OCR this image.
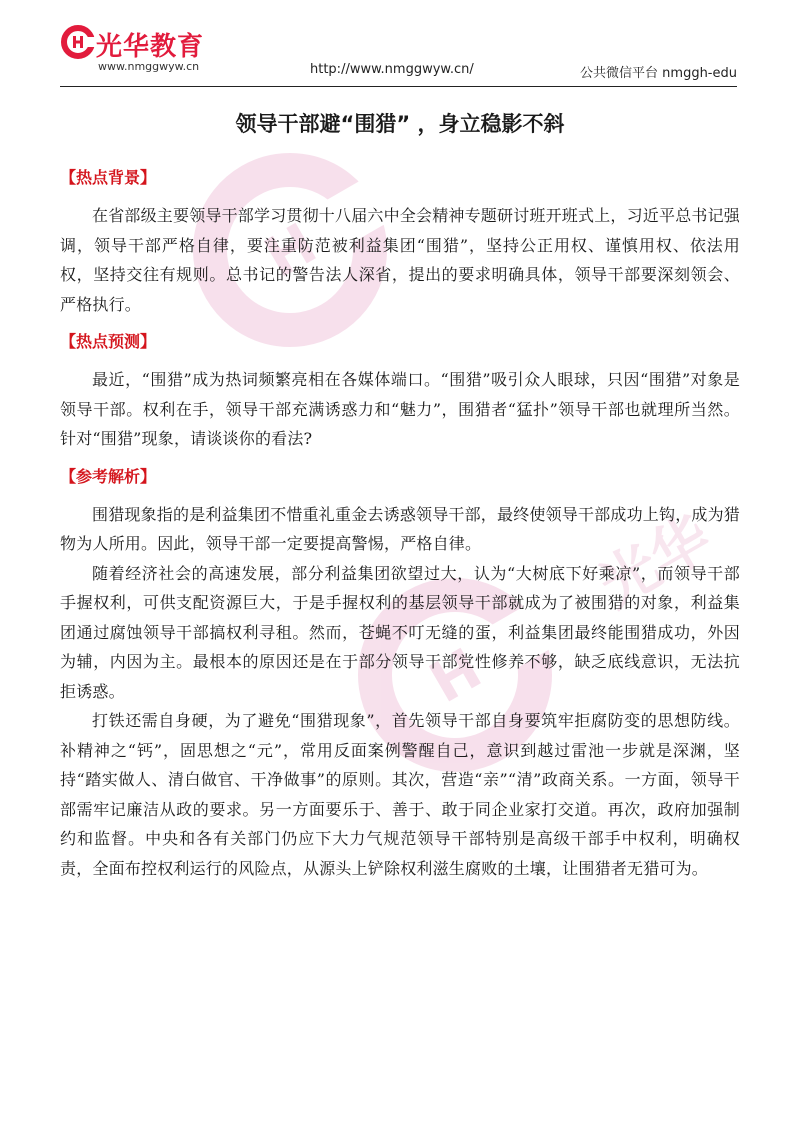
H
H
光华
光华教育
www.nmggwyw.cn	http://www.nmggwyw.cn/	公共微信平台 nmggh-edu
领导干部避“围猎” ，身立稳影不斜
【热点背景】

在省部级主要领导干部学习贯彻十八届六中全会精神专题研讨班开班式上，习近平总书记强调，领导干部严格自律，要注重防范被利益集团“围猎”，坚持公正用权、谨慎用权、依法用权，坚持交往有规则。总书记的警告法人深省，提出的要求明确具体，领导干部要深刻领会、严格执行。

【热点预测】

最近，“围猎”成为热词频繁亮相在各媒体端口。“围猎”吸引众人眼球，只因“围猎”对象是领导干部。权利在手，领导干部充满诱惑力和“魅力”，围猎者“猛扑”领导干部也就理所当然。针对“围猎”现象，请谈谈你的看法?

【参考解析】

围猎现象指的是利益集团不惜重礼重金去诱惑领导干部，最终使领导干部成功上钩，成为猎物为人所用。因此，领导干部一定要提高警惕，严格自律。

随着经济社会的高速发展，部分利益集团欲望过大，认为“大树底下好乘凉”，而领导干部手握权利，可供支配资源巨大，于是手握权利的基层领导干部就成为了被围猎的对象，利益集团通过腐蚀领导干部搞权利寻租。然而，苍蝇不叮无缝的蛋，利益集团最终能围猎成功，外因为辅，内因为主。最根本的原因还是在于部分领导干部党性修养不够，缺乏底线意识，无法抗拒诱惑。

打铁还需自身硬，为了避免“围猎现象”，首先领导干部自身要筑牢拒腐防变的思想防线。补精神之“钙”，固思想之“元”，常用反面案例警醒自己，意识到越过雷池一步就是深渊，坚持“踏实做人、清白做官、干净做事”的原则。其次，营造“亲”“清”政商关系。一方面，领导干部需牢记廉洁从政的要求。另一方面要乐于、善于、敢于同企业家打交道。再次，政府加强制约和监督。中央和各有关部门仍应下大力气规范领导干部特别是高级干部手中权利，明确权责，全面布控权利运行的风险点，从源头上铲除权利滋生腐败的土壤，让围猎者无猎可为。
